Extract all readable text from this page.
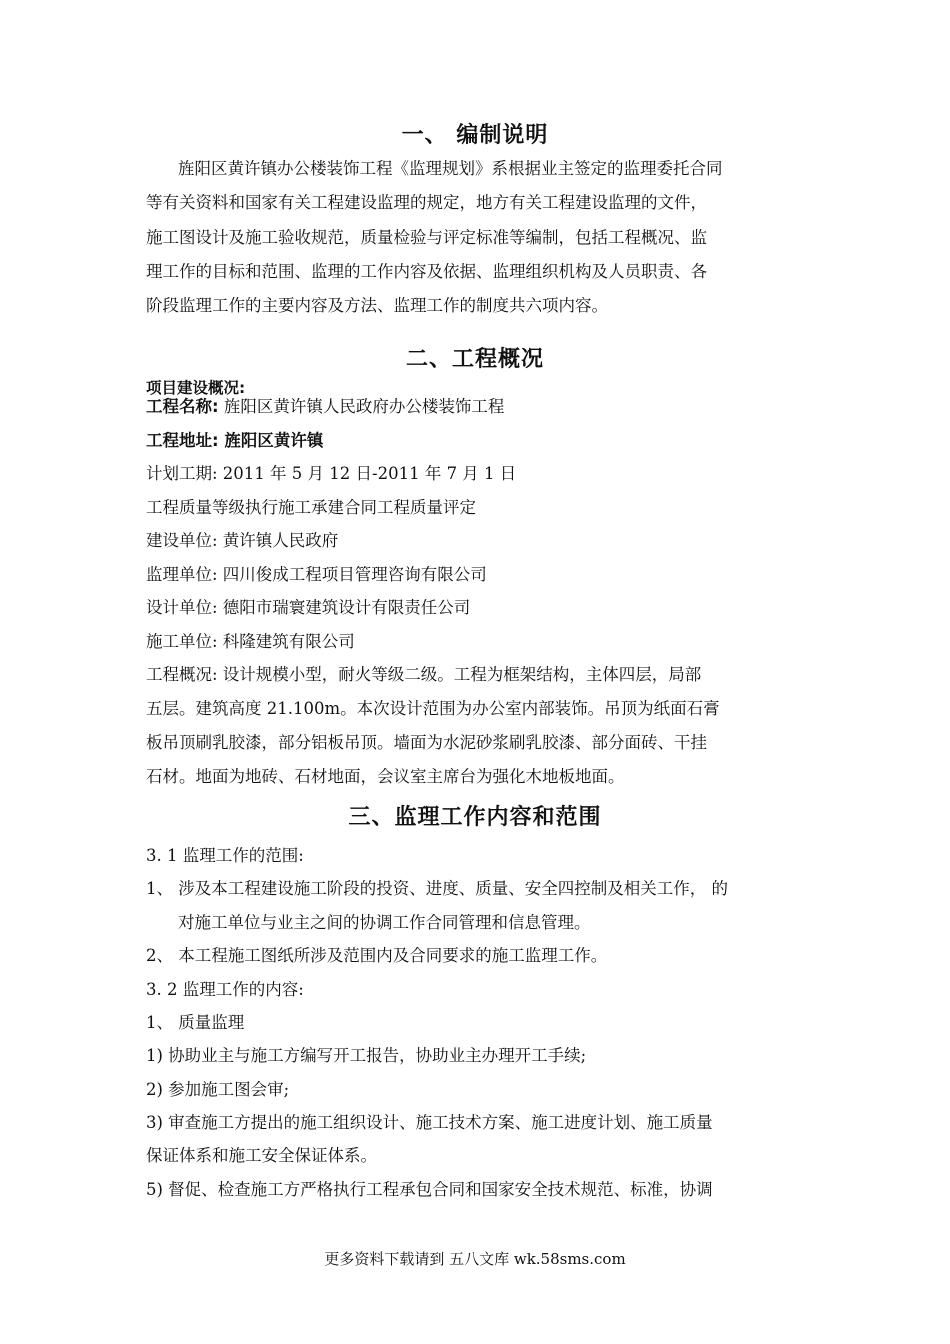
一、 编制说明
旌阳区黄许镇办公楼装饰工程《监理规划》系根据业主签定的监理委托合同
等有关资料和国家有关工程建设监理的规定，地方有关工程建设监理的文件，
施工图设计及施工验收规范，质量检验与评定标准等编制，包括工程概况、监
理工作的目标和范围、监理的工作内容及依据、监理组织机构及人员职责、各
阶段监理工作的主要内容及方法、监理工作的制度共六项内容。
二、工程概况
项目建设概况:
工程名称: 旌阳区黄许镇人民政府办公楼装饰工程
工程地址: 旌阳区黄许镇
计划工期: 2011 年 5 月 12 日-2011 年 7 月 1 日
工程质量等级执行施工承建合同工程质量评定
建设单位: 黄许镇人民政府
监理单位: 四川俊成工程项目管理咨询有限公司
设计单位: 德阳市瑞寰建筑设计有限责任公司
施工单位: 科隆建筑有限公司
工程概况: 设计规模小型，耐火等级二级。工程为框架结构，主体四层，局部
五层。建筑高度 21.100m。本次设计范围为办公室内部装饰。吊顶为纸面石膏
板吊顶刷乳胶漆，部分铝板吊顶。墙面为水泥砂浆刷乳胶漆、部分面砖、干挂
石材。地面为地砖、石材地面，会议室主席台为强化木地板地面。
三、监理工作内容和范围
3. 1 监理工作的范围:
1、 涉及本工程建设施工阶段的投资、进度、质量、安全四控制及相关工作， 的
对施工单位与业主之间的协调工作合同管理和信息管理。
2、 本工程施工图纸所涉及范围内及合同要求的施工监理工作。
3. 2 监理工作的内容:
1、 质量监理
1) 协助业主与施工方编写开工报告，协助业主办理开工手续;
2) 参加施工图会审;
3) 审查施工方提出的施工组织设计、施工技术方案、施工进度计划、施工质量
保证体系和施工安全保证体系。
5) 督促、检查施工方严格执行工程承包合同和国家安全技术规范、标准，协调
更多资料下载请到 五八文库 wk.58sms.com
